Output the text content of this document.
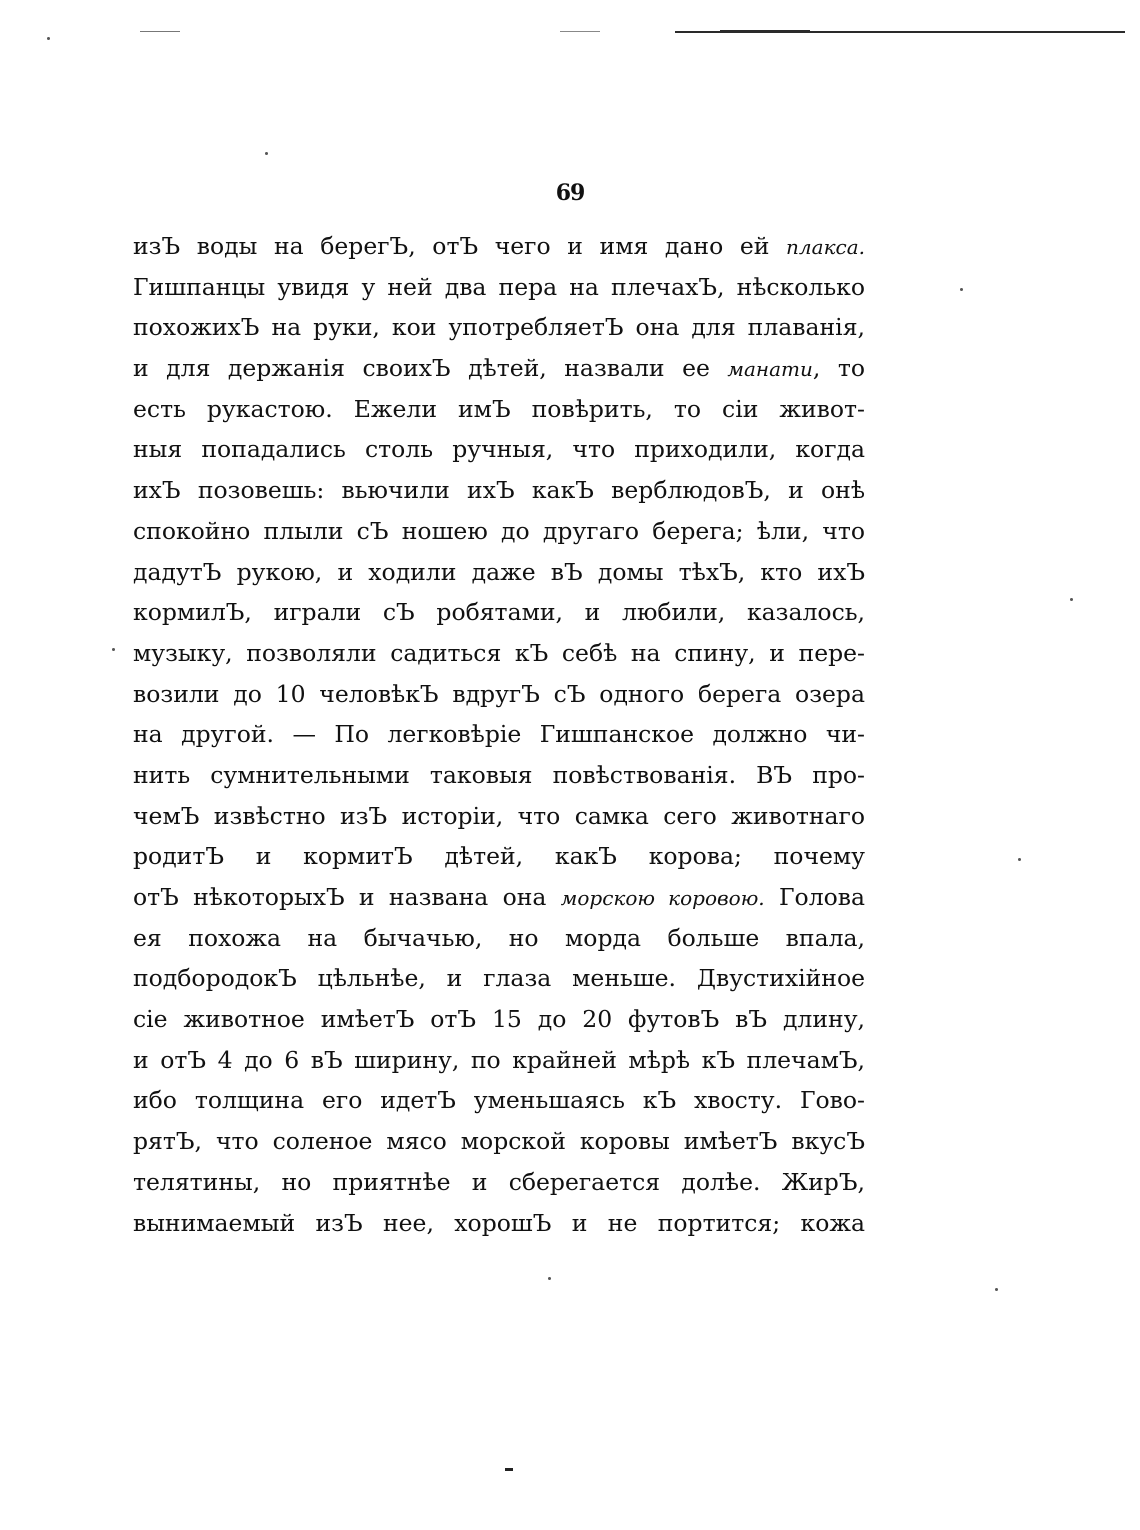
69
изЪ воды на берегЪ, отЪ чего и имя дано ей плакса.
Гишпанцы увидя у ней два пера на плечахЪ, нѣсколько
похожихЪ на руки, кои употребляетЪ она для плаванія,
и для держанія своихЪ дѣтей, назвали ее манати, то
есть рукастою. Ежели имЪ повѣрить, то сіи живот-
ныя попадались столь ручныя, что приходили, когда
ихЪ позовешь: вьючили ихЪ какЪ верблюдовЪ, и онѣ
спокойно плыли сЪ ношею до другаго берега; ѣли, что
дадутЪ рукою, и ходили даже вЪ домы тѣхЪ, кто ихЪ
кормилЪ, играли сЪ робятами, и любили, казалось,
музыку, позволяли садиться кЪ себѣ на спину, и пере-
возили до 10 человѣкЪ вдругЪ сЪ одного берега озера
на другой. — По легковѣріе Гишпанское должно чи-
нить сумнительными таковыя повѣствованія. ВЪ про-
чемЪ извѣстно изЪ исторіи, что самка сего животнаго
родитЪ и кормитЪ дѣтей, какЪ корова; почему
отЪ нѣкоторыхЪ и названа она морскою коровою. Голова
ея похожа на бычачью, но морда больше впала,
подбородокЪ цѣльнѣе, и глаза меньше. Двустихійное
сіе животное имѣетЪ отЪ 15 до 20 футовЪ вЪ длину,
и отЪ 4 до 6 вЪ ширину, по крайней мѣрѣ кЪ плечамЪ,
ибо толщина его идетЪ уменьшаясь кЪ хвосту. Гово-
рятЪ, что соленое мясо морской коровы имѣетЪ вкусЪ
телятины, но приятнѣе и сберегается долѣе. ЖирЪ,
вынимаемый изЪ нее, хорошЪ и не портится; кожа
